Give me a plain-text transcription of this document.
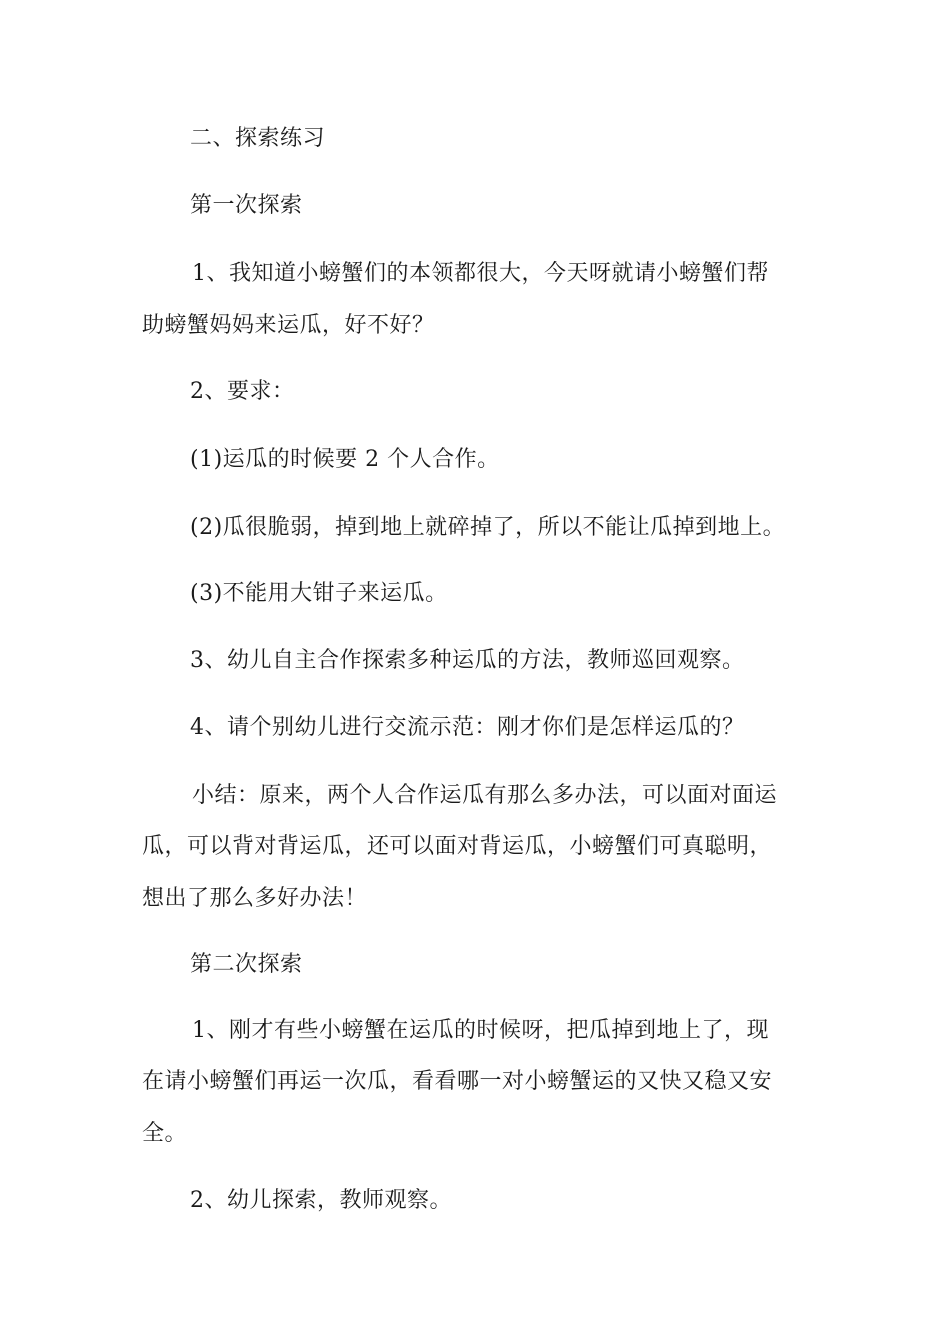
二、探索练习
第一次探索
1、我知道小螃蟹们的本领都很大，今天呀就请小螃蟹们帮
助螃蟹妈妈来运瓜，好不好？
2、要求：
(1)运瓜的时候要 2 个人合作。
(2)瓜很脆弱，掉到地上就碎掉了，所以不能让瓜掉到地上。
(3)不能用大钳子来运瓜。
3、幼儿自主合作探索多种运瓜的方法，教师巡回观察。
4、请个别幼儿进行交流示范：刚才你们是怎样运瓜的？
小结：原来，两个人合作运瓜有那么多办法，可以面对面运
瓜，可以背对背运瓜，还可以面对背运瓜，小螃蟹们可真聪明，
想出了那么多好办法！
第二次探索
1、刚才有些小螃蟹在运瓜的时候呀，把瓜掉到地上了，现
在请小螃蟹们再运一次瓜，看看哪一对小螃蟹运的又快又稳又安
全。
2、幼儿探索，教师观察。
